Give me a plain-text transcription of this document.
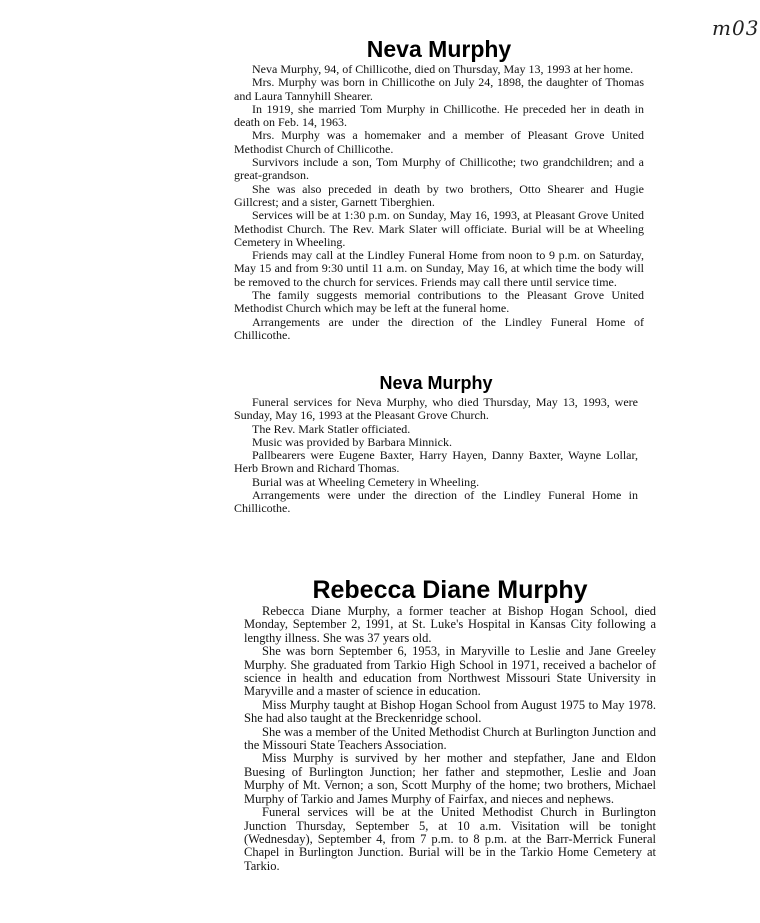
m03
Neva Murphy

Neva Murphy, 94, of Chillicothe, died on Thursday, May 13, 1993 at her home.

Mrs. Murphy was born in Chillicothe on July 24, 1898, the daughter of Thomas and Laura Tannyhill Shearer.

In 1919, she married Tom Murphy in Chillicothe. He preceded her in death in death on Feb. 14, 1963.

Mrs. Murphy was a homemaker and a member of Pleasant Grove United Methodist Church of Chillicothe.

Survivors include a son, Tom Murphy of Chillicothe; two grandchildren; and a great-grandson.

She was also preceded in death by two brothers, Otto Shearer and Hugie Gillcrest; and a sister, Garnett Tiberghien.

Services will be at 1:30 p.m. on Sunday, May 16, 1993, at Pleasant Grove United Methodist Church. The Rev. Mark Slater will officiate. Burial will be at Wheeling Cemetery in Wheeling.

Friends may call at the Lindley Funeral Home from noon to 9 p.m. on Saturday, May 15 and from 9:30 until 11 a.m. on Sunday, May 16, at which time the body will be removed to the church for services. Friends may call there until service time.

The family suggests memorial contributions to the Pleasant Grove United Methodist Church which may be left at the funeral home.

Arrangements are under the direction of the Lindley Funeral Home of Chillicothe.

Neva Murphy

Funeral services for Neva Murphy, who died Thursday, May 13, 1993, were Sunday, May 16, 1993 at the Pleasant Grove Church.

The Rev. Mark Statler officiated.

Music was provided by Barbara Minnick.

Pallbearers were Eugene Baxter, Harry Hayen, Danny Baxter, Wayne Lollar, Herb Brown and Richard Thomas.

Burial was at Wheeling Cemetery in Wheeling.

Arrangements were under the direction of the Lindley Funeral Home in Chillicothe.

Rebecca Diane Murphy

Rebecca Diane Murphy, a former teacher at Bishop Hogan School, died Monday, September 2, 1991, at St. Luke's Hospital in Kansas City following a lengthy illness. She was 37 years old.

She was born September 6, 1953, in Maryville to Leslie and Jane Greeley Murphy. She graduated from Tarkio High School in 1971, received a bachelor of science in health and education from Northwest Missouri State University in Maryville and a master of science in education.

Miss Murphy taught at Bishop Hogan School from August 1975 to May 1978. She had also taught at the Breckenridge school.

She was a member of the United Methodist Church at Burlington Junction and the Missouri State Teachers Association.

Miss Murphy is survived by her mother and stepfather, Jane and Eldon Buesing of Burlington Junction; her father and stepmother, Leslie and Joan Murphy of Mt. Vernon; a son, Scott Murphy of the home; two brothers, Michael Murphy of Tarkio and James Murphy of Fairfax, and nieces and nephews.

Funeral services will be at the United Methodist Church in Burlington Junction Thursday, September 5, at 10 a.m. Visitation will be tonight (Wednesday), September 4, from 7 p.m. to 8 p.m. at the Barr-Merrick Funeral Chapel in Burlington Junction. Burial will be in the Tarkio Home Cemetery at Tarkio.
